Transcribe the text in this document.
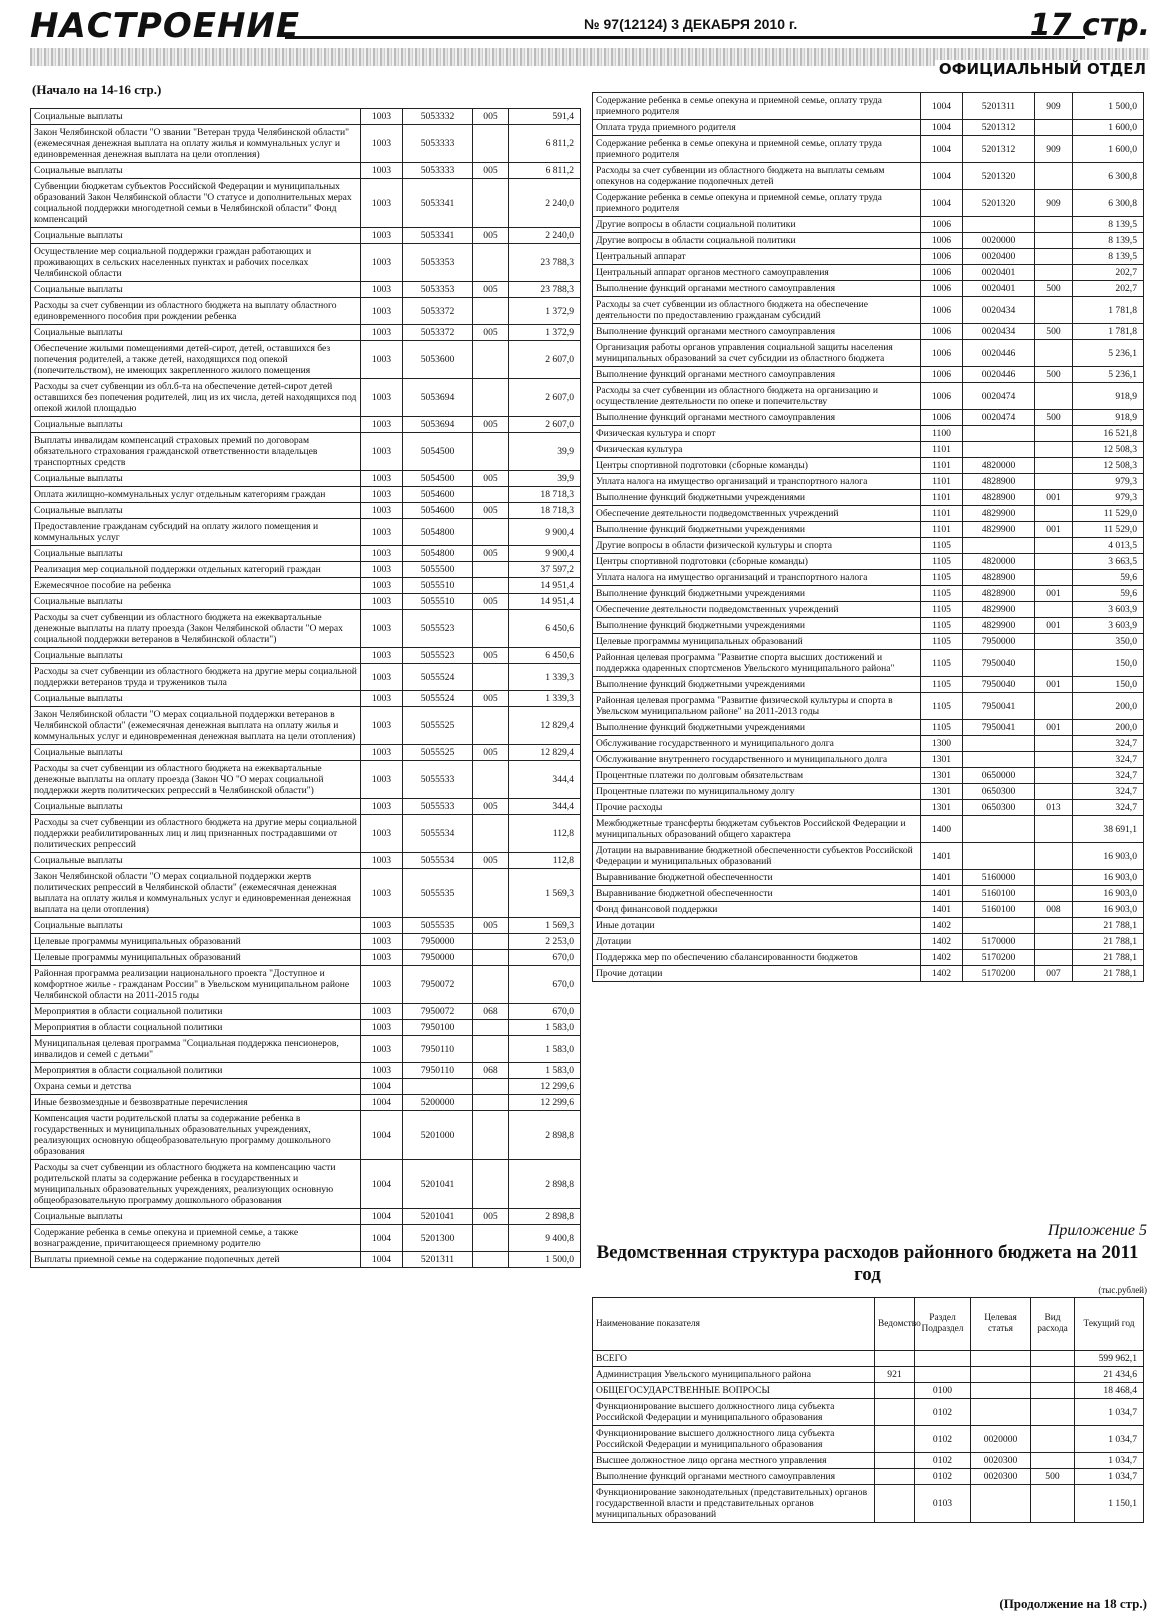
НАСТРОЕНИЕ	№ 97(12124) 3 ДЕКАБРЯ 2010 г.	17 стр.
ОФИЦИАЛЬНЫЙ ОТДЕЛ
(Начало на 14-16 стр.)
Социальные выплаты	1003	5053332	005	591,4
Закон Челябинской области "О звании "Ветеран труда Челябинской области" (ежемесячная денежная выплата на оплату жилья и коммунальных услуг и единовременная денежная выплата на цели отопления)	1003	5053333		6 811,2
Социальные выплаты	1003	5053333	005	6 811,2
Субвенции бюджетам субъектов Российской Федерации и муниципальных образований Закон Челябинской области "О статусе и дополнительных мерах социальной поддержки многодетной семьи в Челябинской области" Фонд компенсаций	1003	5053341		2 240,0
Социальные выплаты	1003	5053341	005	2 240,0
Осуществление мер социальной поддержки граждан работающих и проживающих в сельских населенных пунктах и рабочих поселках Челябинской области	1003	5053353		23 788,3
Социальные выплаты	1003	5053353	005	23 788,3
Расходы за счет субвенции из областного бюджета на выплату областного единовременного пособия при рождении ребенка	1003	5053372		1 372,9
Социальные выплаты	1003	5053372	005	1 372,9
Обеспечение жилыми помещениями детей-сирот, детей, оставшихся без попечения родителей, а также детей, находящихся под опекой (попечительством), не имеющих закрепленного жилого помещения	1003	5053600		2 607,0
Расходы за счет субвенции из обл.б-та на обеспечение детей-сирот детей оставшихся без попечения родителей, лиц из их числа, детей находящихся под опекой жилой площадью	1003	5053694		2 607,0
Социальные выплаты	1003	5053694	005	2 607,0
Выплаты инвалидам компенсаций страховых премий по договорам обязательного страхования гражданской ответственности владельцев транспортных средств	1003	5054500		39,9
Социальные выплаты	1003	5054500	005	39,9
Оплата жилищно-коммунальных услуг отдельным категориям граждан	1003	5054600		18 718,3
Социальные выплаты	1003	5054600	005	18 718,3
Предоставление гражданам субсидий на оплату жилого помещения и коммунальных услуг	1003	5054800		9 900,4
Социальные выплаты	1003	5054800	005	9 900,4
Реализация мер социальной поддержки отдельных категорий граждан	1003	5055500		37 597,2
Ежемесячное пособие на ребенка	1003	5055510		14 951,4
Социальные выплаты	1003	5055510	005	14 951,4
Расходы за счет субвенции из областного бюджета на ежеквартальные денежные выплаты на плату проезда (Закон Челябинской области "О мерах социальной поддержки ветеранов в Челябинской области")	1003	5055523		6 450,6
Социальные выплаты	1003	5055523	005	6 450,6
Расходы за счет субвенции из областного бюджета на другие меры социальной поддержки ветеранов труда и тружеников тыла	1003	5055524		1 339,3
Социальные выплаты	1003	5055524	005	1 339,3
Закон Челябинской области "О мерах социальной поддержки ветеранов в Челябинской области" (ежемесячная денежная выплата на оплату жилья и коммунальных услуг и единовременная денежная выплата на цели отопления)	1003	5055525		12 829,4
Социальные выплаты	1003	5055525	005	12 829,4
Расходы за счет субвенции из областного бюджета на ежеквартальные денежные выплаты на оплату проезда (Закон ЧО "О мерах социальной поддержки жертв политических репрессий в Челябинской области")	1003	5055533		344,4
Социальные выплаты	1003	5055533	005	344,4
Расходы за счет субвенции из областного бюджета на другие меры социальной поддержки реабилитированных лиц и лиц признанных пострадавшими от политических репрессий	1003	5055534		112,8
Социальные выплаты	1003	5055534	005	112,8
Закон Челябинской области "О мерах социальной поддержки жертв политических репрессий в Челябинской области" (ежемесячная денежная выплата на оплату жилья и коммунальных услуг и единовременная денежная выплата на цели отопления)	1003	5055535		1 569,3
Социальные выплаты	1003	5055535	005	1 569,3
Целевые программы муниципальных образований	1003	7950000		2 253,0
Целевые программы муниципальных образований	1003	7950000		670,0
Районная программа реализации национального проекта "Доступное и комфортное жилье - гражданам России" в Увельском муниципальном районе Челябинской области на 2011-2015 годы	1003	7950072		670,0
Мероприятия в области социальной политики	1003	7950072	068	670,0
Мероприятия в области социальной политики	1003	7950100		1 583,0
Муниципальная целевая программа "Социальная поддержка пенсионеров, инвалидов и семей с детьми"	1003	7950110		1 583,0
Мероприятия в области социальной политики	1003	7950110	068	1 583,0
Охрана семьи и детства	1004			12 299,6
Иные безвозмездные и безвозвратные перечисления	1004	5200000		12 299,6
Компенсация части родительской платы за содержание ребенка в государственных и муниципальных образовательных учреждениях, реализующих основную общеобразовательную программу дошкольного образования	1004	5201000		2 898,8
Расходы за счет субвенции из областного бюджета на компенсацию части родительской платы за содержание ребенка в государственных и муниципальных образовательных учреждениях, реализующих основную общеобразовательную программу дошкольного образования	1004	5201041		2 898,8
Социальные выплаты	1004	5201041	005	2 898,8
Содержание ребенка в семье опекуна и приемной семье, а также вознаграждение, причитающееся приемному родителю	1004	5201300		9 400,8
Выплаты приемной семье на содержание подопечных детей	1004	5201311		1 500,0
Содержание ребенка в семье опекуна и приемной семье, оплату труда приемного родителя	1004	5201311	909	1 500,0
Оплата труда приемного родителя	1004	5201312		1 600,0
Содержание ребенка в семье опекуна и приемной семье, оплату труда приемного родителя	1004	5201312	909	1 600,0
Расходы за счет субвенции из областного бюджета на выплаты семьям опекунов на содержание подопечных детей	1004	5201320		6 300,8
Содержание ребенка в семье опекуна и приемной семье, оплату труда приемного родителя	1004	5201320	909	6 300,8
Другие вопросы в области социальной политики	1006			8 139,5
Другие вопросы в области социальной политики	1006	0020000		8 139,5
Центральный аппарат	1006	0020400		8 139,5
Центральный аппарат органов местного самоуправления	1006	0020401		202,7
Выполнение функций органами местного самоуправления	1006	0020401	500	202,7
Расходы за счет субвенции из областного бюджета на обеспечение деятельности по предоставлению гражданам субсидий	1006	0020434		1 781,8
Выполнение функций органами местного самоуправления	1006	0020434	500	1 781,8
Организация работы органов управления социальной защиты населения муниципальных образований за счет субсидии из областного бюджета	1006	0020446		5 236,1
Выполнение функций органами местного самоуправления	1006	0020446	500	5 236,1
Расходы за счет субвенции из областного бюджета на организацию и осуществление деятельности по опеке и попечительству	1006	0020474		918,9
Выполнение функций органами местного самоуправления	1006	0020474	500	918,9
Физическая культура и спорт	1100			16 521,8
Физическая культура	1101			12 508,3
Центры спортивной подготовки (сборные команды)	1101	4820000		12 508,3
Уплата налога на имущество организаций и транспортного налога	1101	4828900		979,3
Выполнение функций бюджетными учреждениями	1101	4828900	001	979,3
Обеспечение деятельности подведомственных учреждений	1101	4829900		11 529,0
Выполнение функций бюджетными учреждениями	1101	4829900	001	11 529,0
Другие вопросы в области физической культуры и спорта	1105			4 013,5
Центры спортивной подготовки (сборные команды)	1105	4820000		3 663,5
Уплата налога на имущество организаций и транспортного налога	1105	4828900		59,6
Выполнение функций бюджетными учреждениями	1105	4828900	001	59,6
Обеспечение деятельности подведомственных учреждений	1105	4829900		3 603,9
Выполнение функций бюджетными учреждениями	1105	4829900	001	3 603,9
Целевые программы муниципальных образований	1105	7950000		350,0
Районная целевая программа "Развитие спорта высших достижений и поддержка одаренных спортсменов Увельского муниципального района"	1105	7950040		150,0
Выполнение функций бюджетными учреждениями	1105	7950040	001	150,0
Районная целевая программа "Развитие физической культуры и спорта в Увельском муниципальном районе" на 2011-2013 годы	1105	7950041		200,0
Выполнение функций бюджетными учреждениями	1105	7950041	001	200,0
Обслуживание государственного и муниципального долга	1300			324,7
Обслуживание внутреннего государственного и муниципального долга	1301			324,7
Процентные платежи по долговым обязательствам	1301	0650000		324,7
Процентные платежи по муниципальному долгу	1301	0650300		324,7
Прочие расходы	1301	0650300	013	324,7
Межбюджетные трансферты бюджетам субъектов Российской Федерации и муниципальных образований общего характера	1400			38 691,1
Дотации на выравнивание бюджетной обеспеченности субъектов Российской Федерации и муниципальных образований	1401			16 903,0
Выравнивание бюджетной обеспеченности	1401	5160000		16 903,0
Выравнивание бюджетной обеспеченности	1401	5160100		16 903,0
Фонд финансовой поддержки	1401	5160100	008	16 903,0
Иные дотации	1402			21 788,1
Дотации	1402	5170000		21 788,1
Поддержка мер по обеспечению сбалансированности бюджетов	1402	5170200		21 788,1
Прочие дотации	1402	5170200	007	21 788,1
Приложение 5
Ведомственная структура расходов районного бюджета на 2011 год
(тыс.рублей)
Наименование показателя	Ведомство	Раздел Подраздел	Целевая статья	Вид расхода	Текущий год
ВСЕГО					599 962,1
Администрация Увельского муниципального района	921				21 434,6
ОБЩЕГОСУДАРСТВЕННЫЕ ВОПРОСЫ		0100			18 468,4
Функционирование высшего должностного лица субъекта Российской Федерации и муниципального образования		0102			1 034,7
Функционирование высшего должностного лица субъекта Российской Федерации и муниципального образования		0102	0020000		1 034,7
Высшее должностное лицо органа местного управления		0102	0020300		1 034,7
Выполнение функций органами местного самоуправления		0102	0020300	500	1 034,7
Функционирование законодательных (представительных) органов государственной власти и представительных органов муниципальных образований		0103			1 150,1
(Продолжение на 18 стр.)
